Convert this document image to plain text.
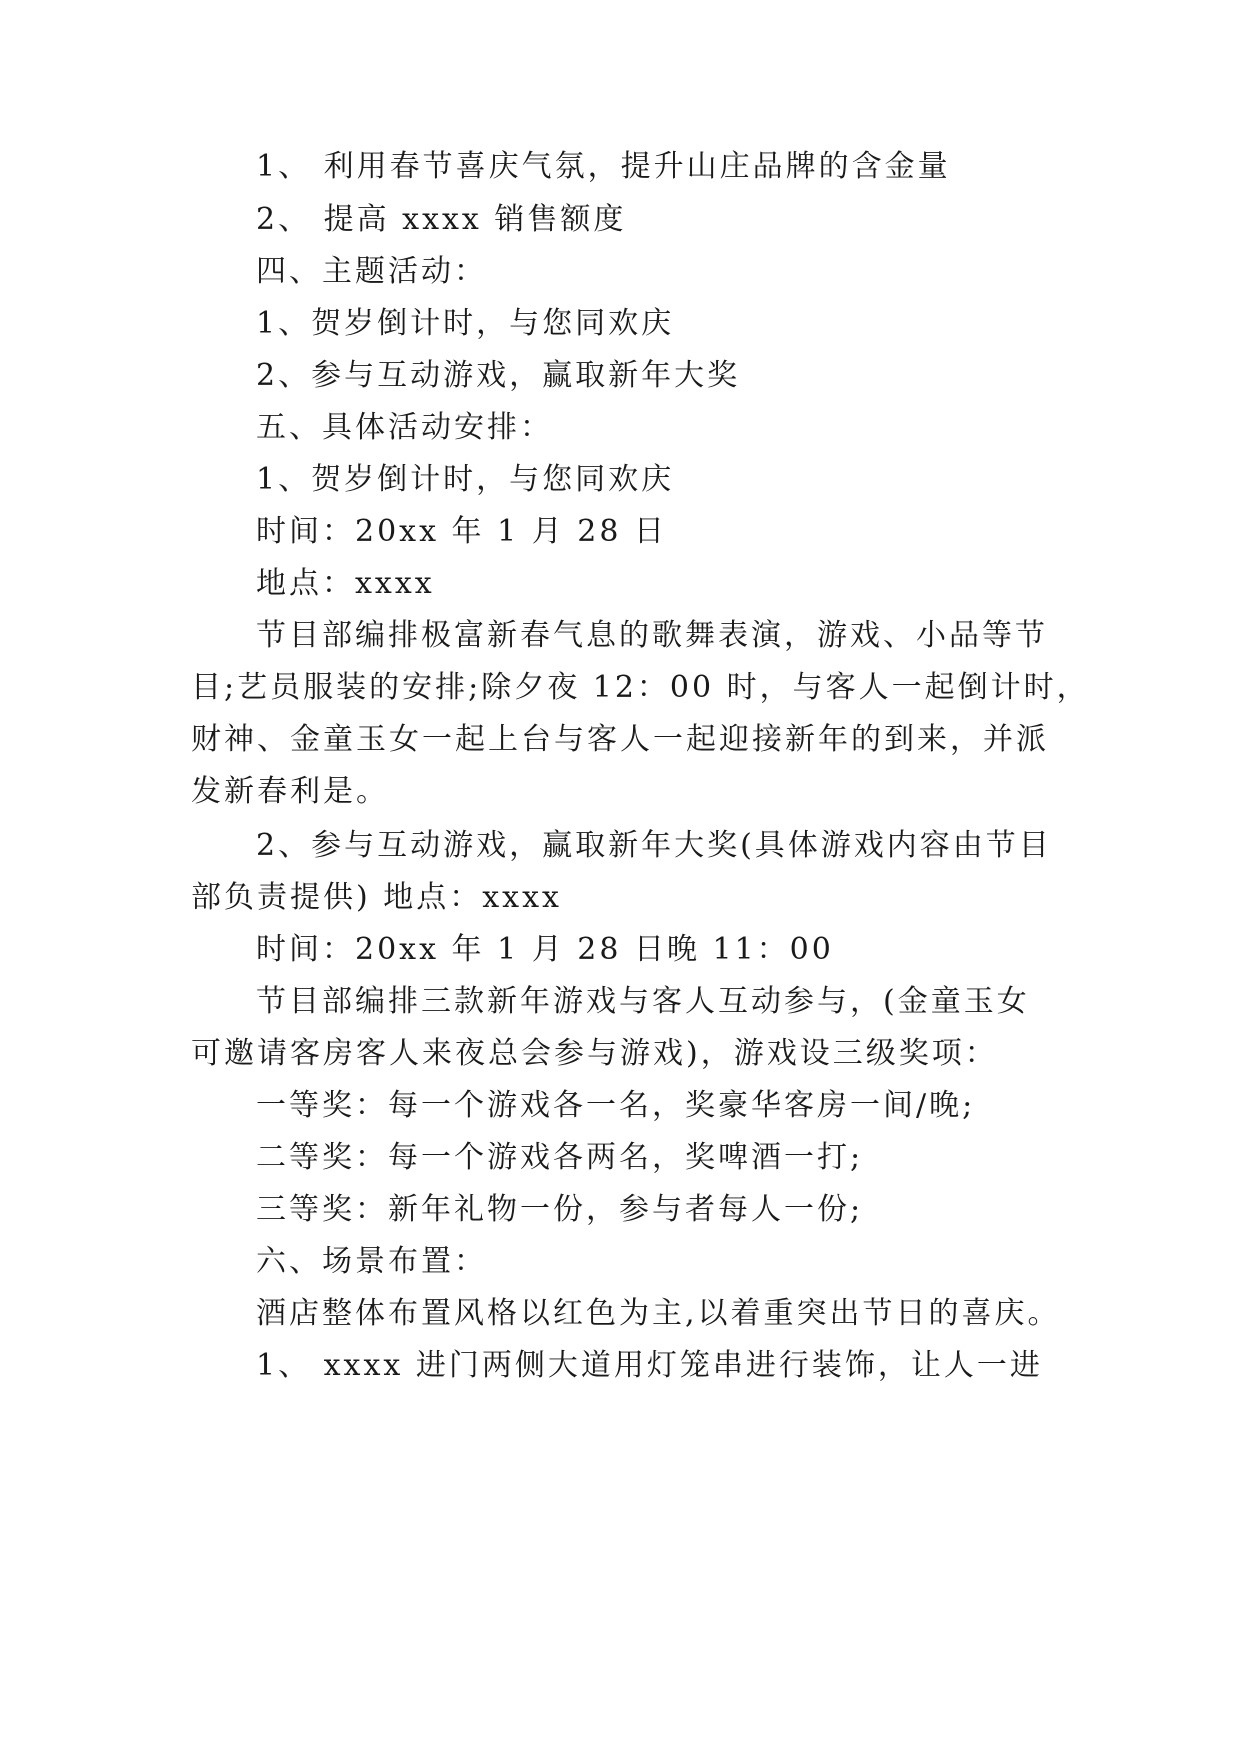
1、 利用春节喜庆气氛，提升山庄品牌的含金量
2、 提高 xxxx 销售额度
四、主题活动：
1、贺岁倒计时，与您同欢庆
2、参与互动游戏，赢取新年大奖
五、具体活动安排：
1、贺岁倒计时，与您同欢庆
时间：20xx 年 1 月 28 日
地点：xxxx
节目部编排极富新春气息的歌舞表演，游戏、小品等节
目;艺员服装的安排;除夕夜 12：00 时，与客人一起倒计时，
财神、金童玉女一起上台与客人一起迎接新年的到来，并派
发新春利是。
2、参与互动游戏，赢取新年大奖(具体游戏内容由节目
部负责提供) 地点：xxxx
时间：20xx 年 1 月 28 日晚 11：00
节目部编排三款新年游戏与客人互动参与，(金童玉女
可邀请客房客人来夜总会参与游戏)，游戏设三级奖项：
一等奖：每一个游戏各一名，奖豪华客房一间/晚;
二等奖：每一个游戏各两名，奖啤酒一打;
三等奖：新年礼物一份，参与者每人一份;
六、场景布置：
酒店整体布置风格以红色为主,以着重突出节日的喜庆。
1、 xxxx 进门两侧大道用灯笼串进行装饰，让人一进
